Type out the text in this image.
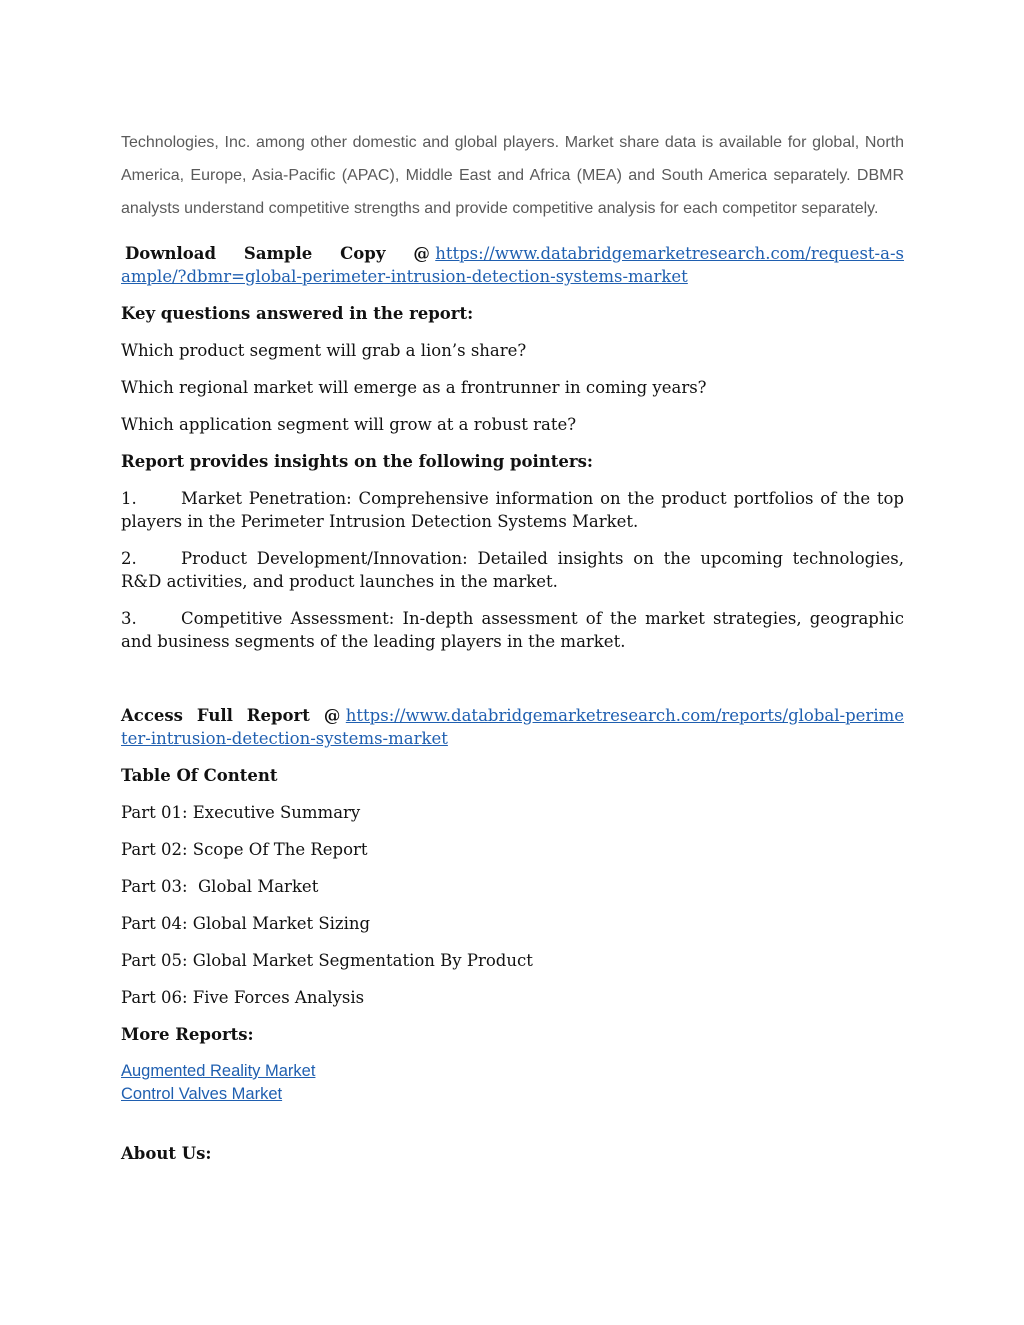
Technologies, Inc. among other domestic and global players. Market share data is available for global, North America, Europe, Asia-Pacific (APAC), Middle East and Africa (MEA) and South America separately. DBMR analysts understand competitive strengths and provide competitive analysis for each competitor separately.

Download Sample Copy @ https://www.databridgemarketresearch.com/request-a-sample/?dbmr=global-perimeter-intrusion-detection-systems-market

Key questions answered in the report:

Which product segment will grab a lion’s share?

Which regional market will emerge as a frontrunner in coming years?

Which application segment will grow at a robust rate?

Report provides insights on the following pointers:

1.	Market Penetration: Comprehensive information on the product portfolios of the top players in the Perimeter Intrusion Detection Systems Market.

2.	Product Development/Innovation: Detailed insights on the upcoming technologies, R&D activities, and product launches in the market.

3.	Competitive Assessment: In-depth assessment of the market strategies, geographic and business segments of the leading players in the market.

Access Full Report @ https://www.databridgemarketresearch.com/reports/global-perimeter-intrusion-detection-systems-market

Table Of Content

Part 01: Executive Summary

Part 02: Scope Of The Report

Part 03:  Global Market

Part 04: Global Market Sizing

Part 05: Global Market Segmentation By Product

Part 06: Five Forces Analysis

More Reports:

Augmented Reality Market
Control Valves Market

About Us:
